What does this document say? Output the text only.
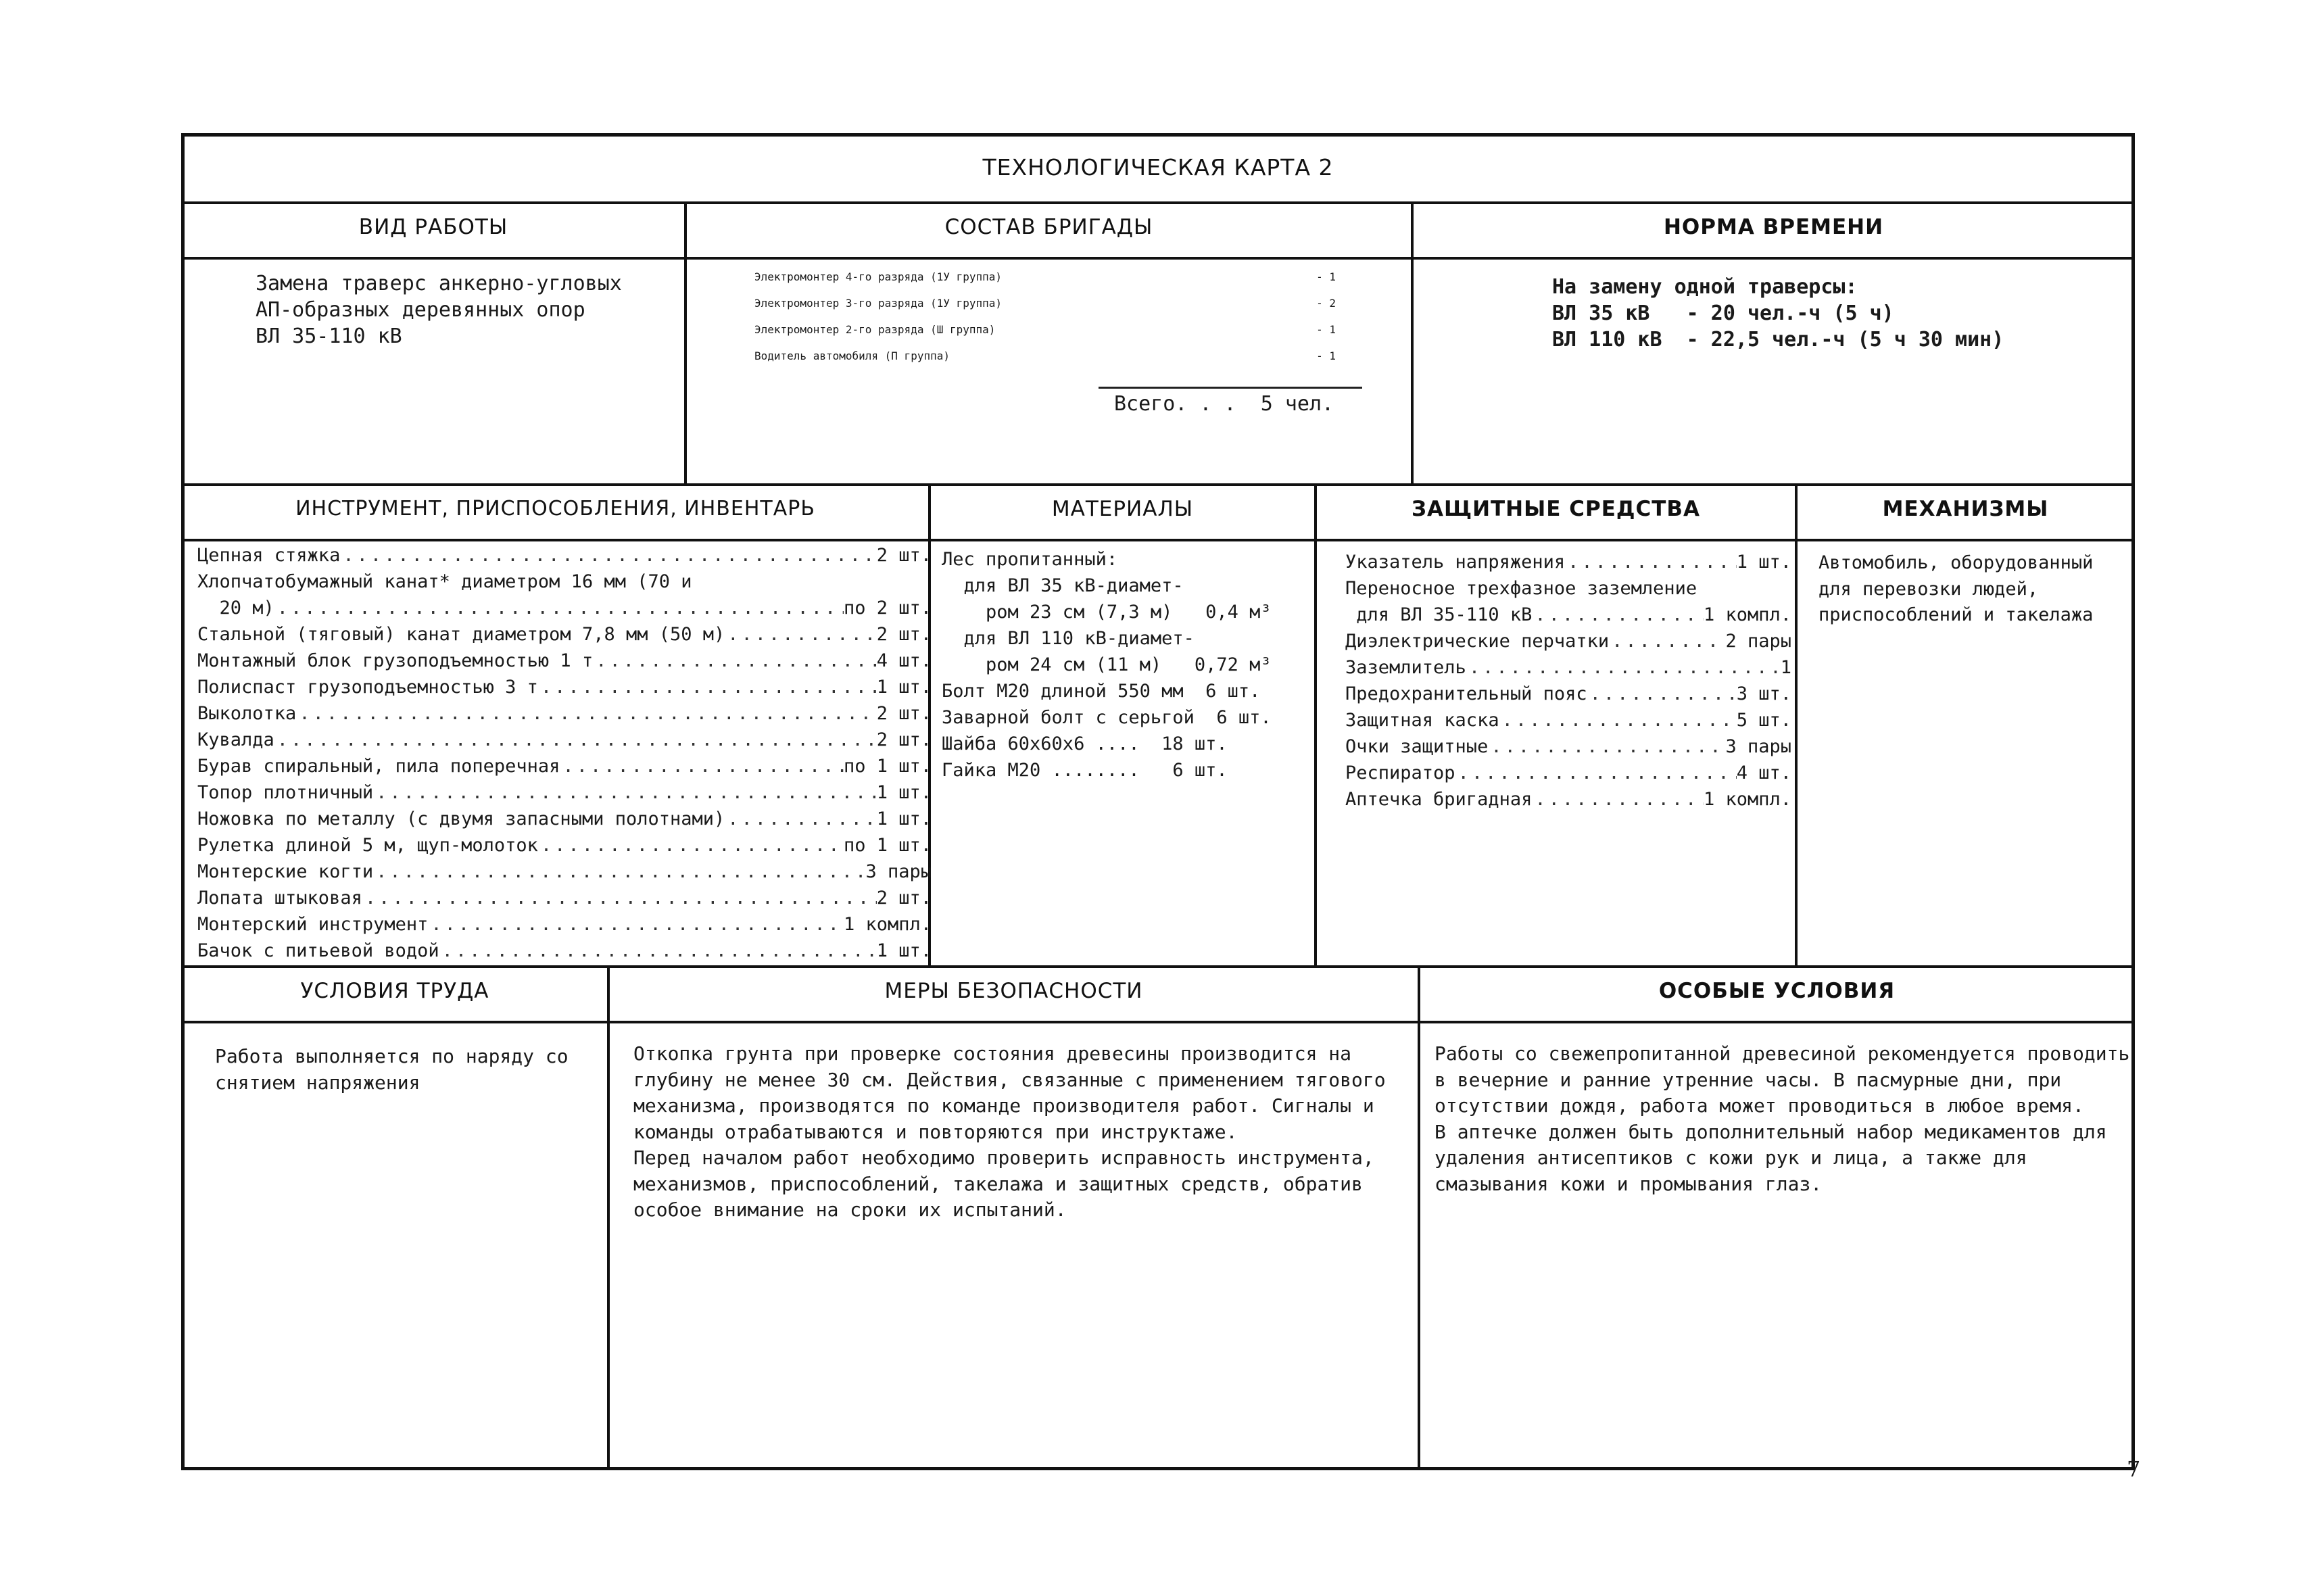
ТЕХНОЛОГИЧЕСКАЯ КАРТА 2
ВИД РАБОТЫ	СОСТАВ БРИГАДЫ	НОРМА ВРЕМЕНИ
Замена траверс анкерно-угловых
АП-образных деревянных опор
ВЛ 35-110 кВ
Электромонтер 4-го разряда (1У группа)	- 1
Электромонтер 3-го разряда (1У группа)	- 2
Электромонтер 2-го разряда (Ш группа)	- 1
Водитель автомобиля (П группа)	- 1
Всего. . .  5 чел.
На замену одной траверсы:
ВЛ 35 кВ   - 20 чел.-ч (5 ч)
ВЛ 110 кВ  - 22,5 чел.-ч (5 ч 30 мин)
ИНСТРУМЕНТ, ПРИСПОСОБЛЕНИЯ, ИНВЕНТАРЬ	МАТЕРИАЛЫ	ЗАЩИТНЫЕ СРЕДСТВА	МЕХАНИЗМЫ
Цепная стяжка .....	2 шт.
Хлопчатобумажный канат* диаметром 16 мм (70 и
20 м) .....	по 2 шт.
Стальной (тяговый) канат диаметром 7,8 мм (50 м) .....	2 шт.
Монтажный блок грузоподъемностью 1 т .....	4 шт.
Полиспаст грузоподъемностью 3 т .....	1 шт.
Выколотка .....	2 шт.
Кувалда .....	2 шт.
Бурав спиральный, пила поперечная .....	по 1 шт.
Топор плотничный .....	1 шт.
Ножовка по металлу (с двумя запасными полотнами) .....	1 шт.
Рулетка длиной 5 м, щуп-молоток .....	по 1 шт.
Монтерские когти .....	3 пары
Лопата штыковая .....	2 шт.
Монтерский инструмент .....	1 компл.
Бачок с питьевой водой .....	1 шт.
Лес пропитанный:
для ВЛ 35 кВ-диамет-
ром 23 см (7,3 м)   0,4 м³
для ВЛ 110 кВ-диамет-
ром 24 см (11 м)   0,72 м³
Болт М20 длиной 550 мм  6 шт.
Заварной болт с серьгой  6 шт.
Шайба 60х60х6 ....  18 шт.
Гайка М20 ........   6 шт.
Указатель напряжения .....	1 шт.
Переносное трехфазное заземление
для ВЛ 35-110 кВ .....	1 компл.
Диэлектрические перчатки .....	2 пары
Заземлитель .....	1
Предохранительный пояс .....	3 шт.
Защитная каска .....	5 шт.
Очки защитные .....	3 пары
Респиратор .....	4 шт.
Аптечка бригадная .....	1 компл.
Автомобиль, оборудованный для перевозки людей, приспособлений и такелажа
УСЛОВИЯ ТРУДА	МЕРЫ БЕЗОПАСНОСТИ	ОСОБЫЕ УСЛОВИЯ
Работа выполняется по наряду со снятием напряжения
Откопка грунта при проверке состояния древесины производится на глубину не менее 30 см. Действия, связанные с применением тягового механизма, производятся по команде производителя работ. Сигналы и команды отрабатываются и повторяются при инструктаже.
Перед началом работ необходимо проверить исправность инструмента, механизмов, приспособлений, такелажа и защитных средств, обратив особое внимание на сроки их испытаний.
Работы со свежепропитанной древесиной рекомендуется проводить в вечерние и ранние утренние часы. В пасмурные дни, при отсутствии дождя, работа может проводиться в любое время.
В аптечке должен быть дополнительный набор медикаментов для удаления антисептиков с кожи рук и лица, а также для смазывания кожи и промывания глаз.
7
